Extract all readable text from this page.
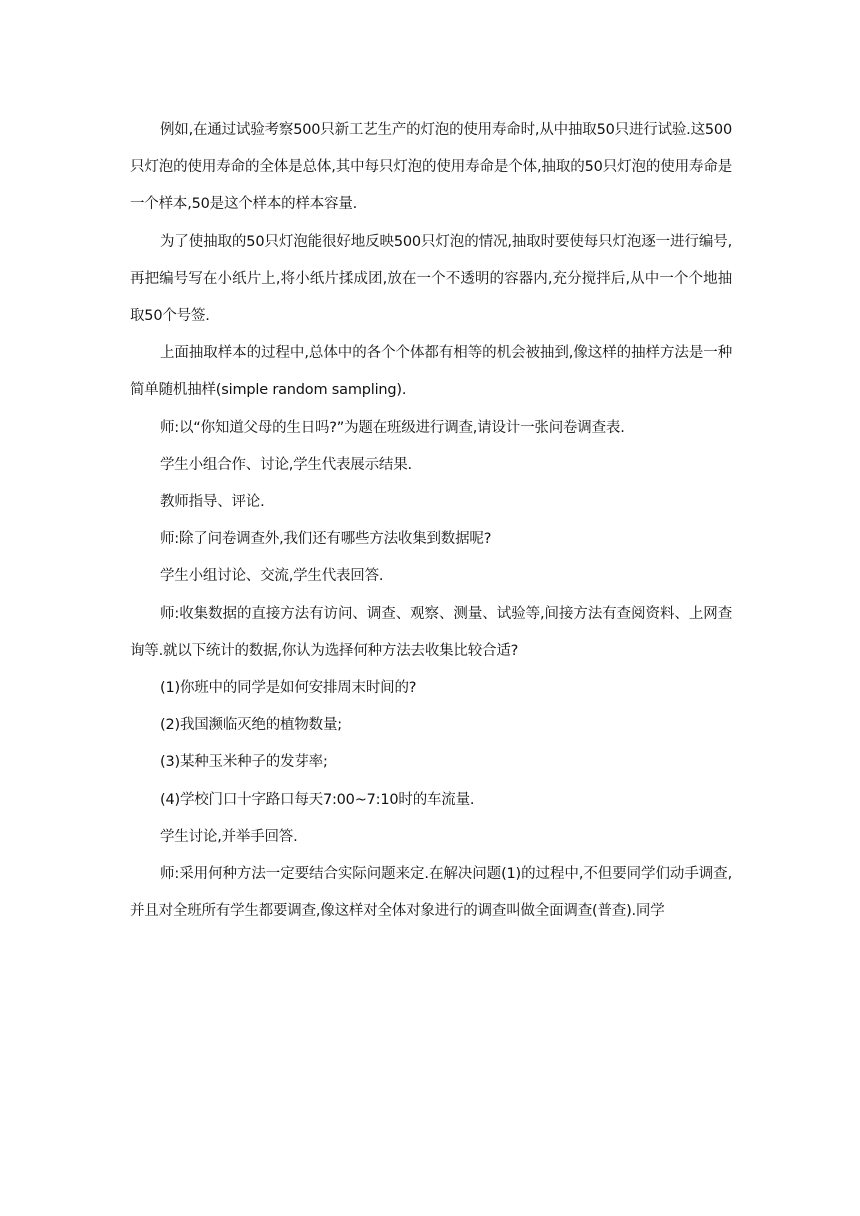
例如,在通过试验考察500只新工艺生产的灯泡的使用寿命时,从中抽取50只进行试验.这500只灯泡的使用寿命的全体是总体,其中每只灯泡的使用寿命是个体,抽取的50只灯泡的使用寿命是一个样本,50是这个样本的样本容量.

为了使抽取的50只灯泡能很好地反映500只灯泡的情况,抽取时要使每只灯泡逐一进行编号,再把编号写在小纸片上,将小纸片揉成团,放在一个不透明的容器内,充分搅拌后,从中一个个地抽取50个号签.

上面抽取样本的过程中,总体中的各个个体都有相等的机会被抽到,像这样的抽样方法是一种简单随机抽样(simple random sampling).

师:以“你知道父母的生日吗?”为题在班级进行调查,请设计一张问卷调查表.

学生小组合作、讨论,学生代表展示结果.

教师指导、评论.

师:除了问卷调查外,我们还有哪些方法收集到数据呢?

学生小组讨论、交流,学生代表回答.

师:收集数据的直接方法有访问、调查、观察、测量、试验等,间接方法有查阅资料、上网查询等.就以下统计的数据,你认为选择何种方法去收集比较合适?

(1)你班中的同学是如何安排周末时间的?

(2)我国濒临灭绝的植物数量;

(3)某种玉米种子的发芽率;

(4)学校门口十字路口每天7:00~7:10时的车流量.

学生讨论,并举手回答.

师:采用何种方法一定要结合实际问题来定.在解决问题(1)的过程中,不但要同学们动手调查,并且对全班所有学生都要调查,像这样对全体对象进行的调查叫做全面调查(普查).同学
